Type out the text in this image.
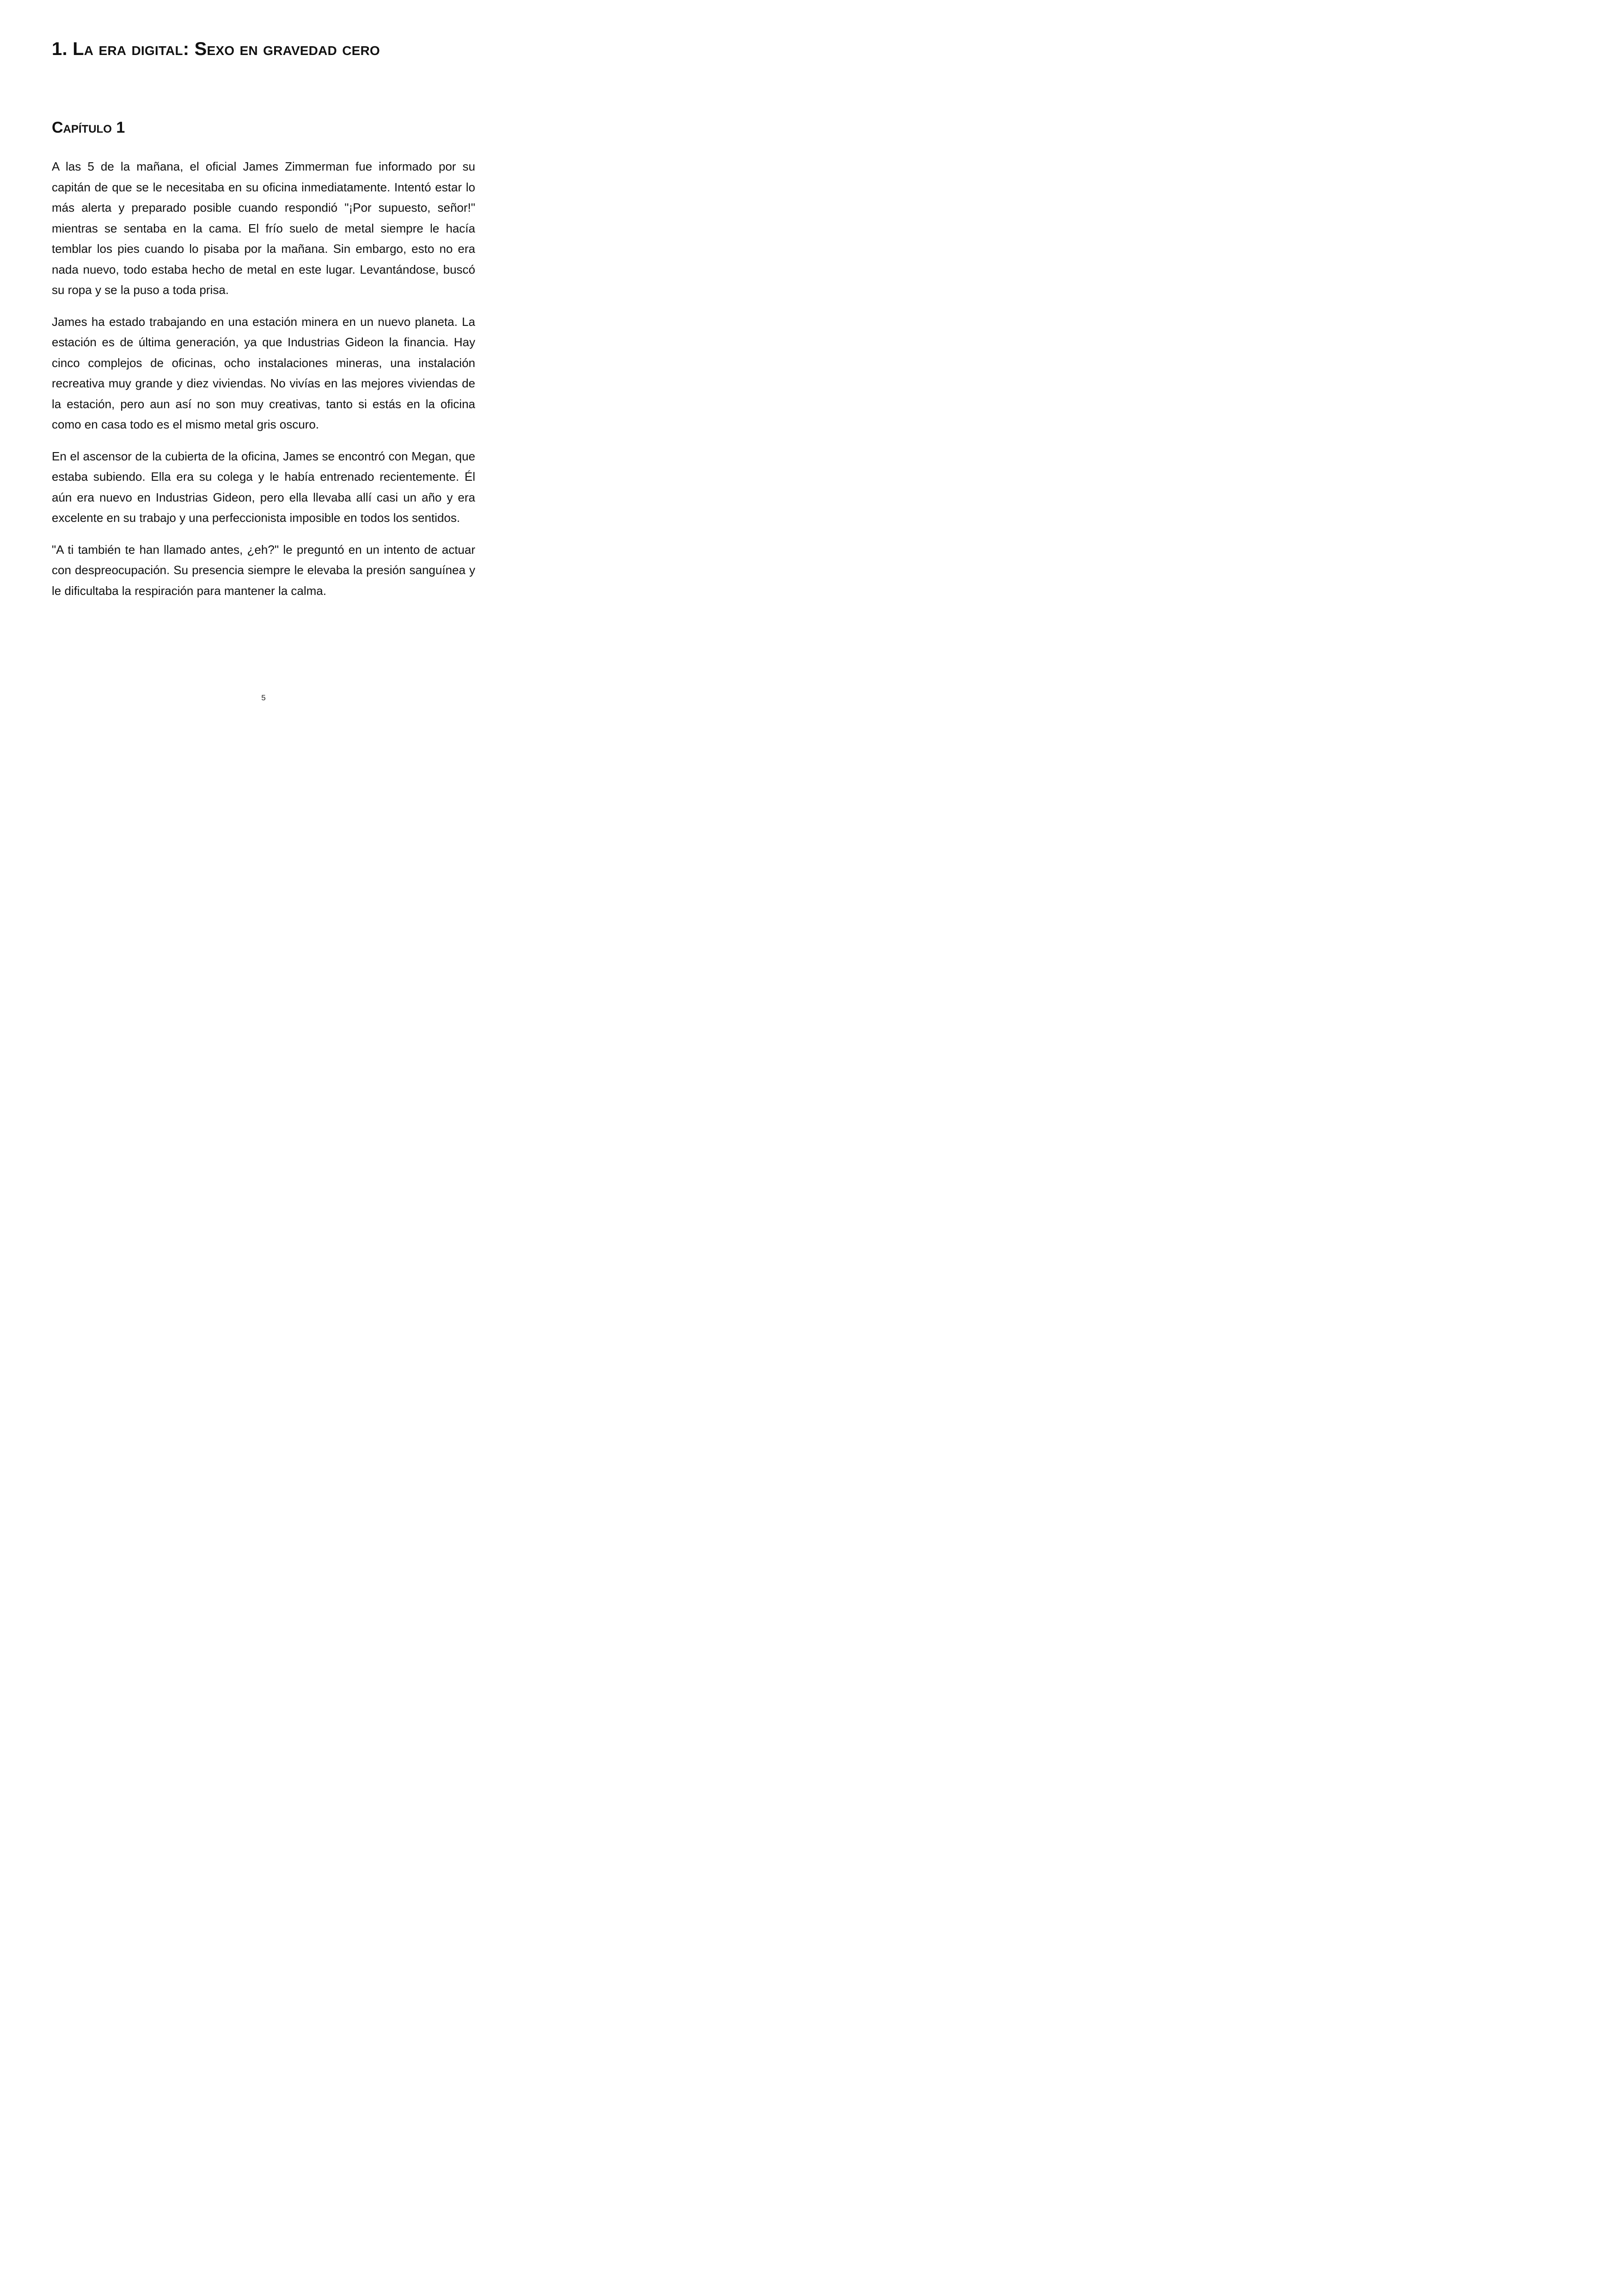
1. La era digital: Sexo en gravedad cero
Capítulo 1

A las 5 de la mañana, el oficial James Zimmerman fue informado por su capitán de que se le necesitaba en su oficina inmediatamente. Intentó estar lo más alerta y preparado posible cuando respondió "¡Por supuesto, señor!" mientras se sentaba en la cama. El frío suelo de metal siempre le hacía temblar los pies cuando lo pisaba por la mañana. Sin embargo, esto no era nada nuevo, todo estaba hecho de metal en este lugar. Levantándose, buscó su ropa y se la puso a toda prisa.

James ha estado trabajando en una estación minera en un nuevo planeta. La estación es de última generación, ya que Industrias Gideon la financia. Hay cinco complejos de oficinas, ocho instalaciones mineras, una instalación recreativa muy grande y diez viviendas. No vivías en las mejores viviendas de la estación, pero aun así no son muy creativas, tanto si estás en la oficina como en casa todo es el mismo metal gris oscuro.

En el ascensor de la cubierta de la oficina, James se encontró con Megan, que estaba subiendo. Ella era su colega y le había entrenado recientemente. Él aún era nuevo en Industrias Gideon, pero ella llevaba allí casi un año y era excelente en su trabajo y una perfeccionista imposible en todos los sentidos.

"A ti también te han llamado antes, ¿eh?" le preguntó en un intento de actuar con despreocupación. Su presencia siempre le elevaba la presión sanguínea y le dificultaba la respiración para mantener la calma.

5
